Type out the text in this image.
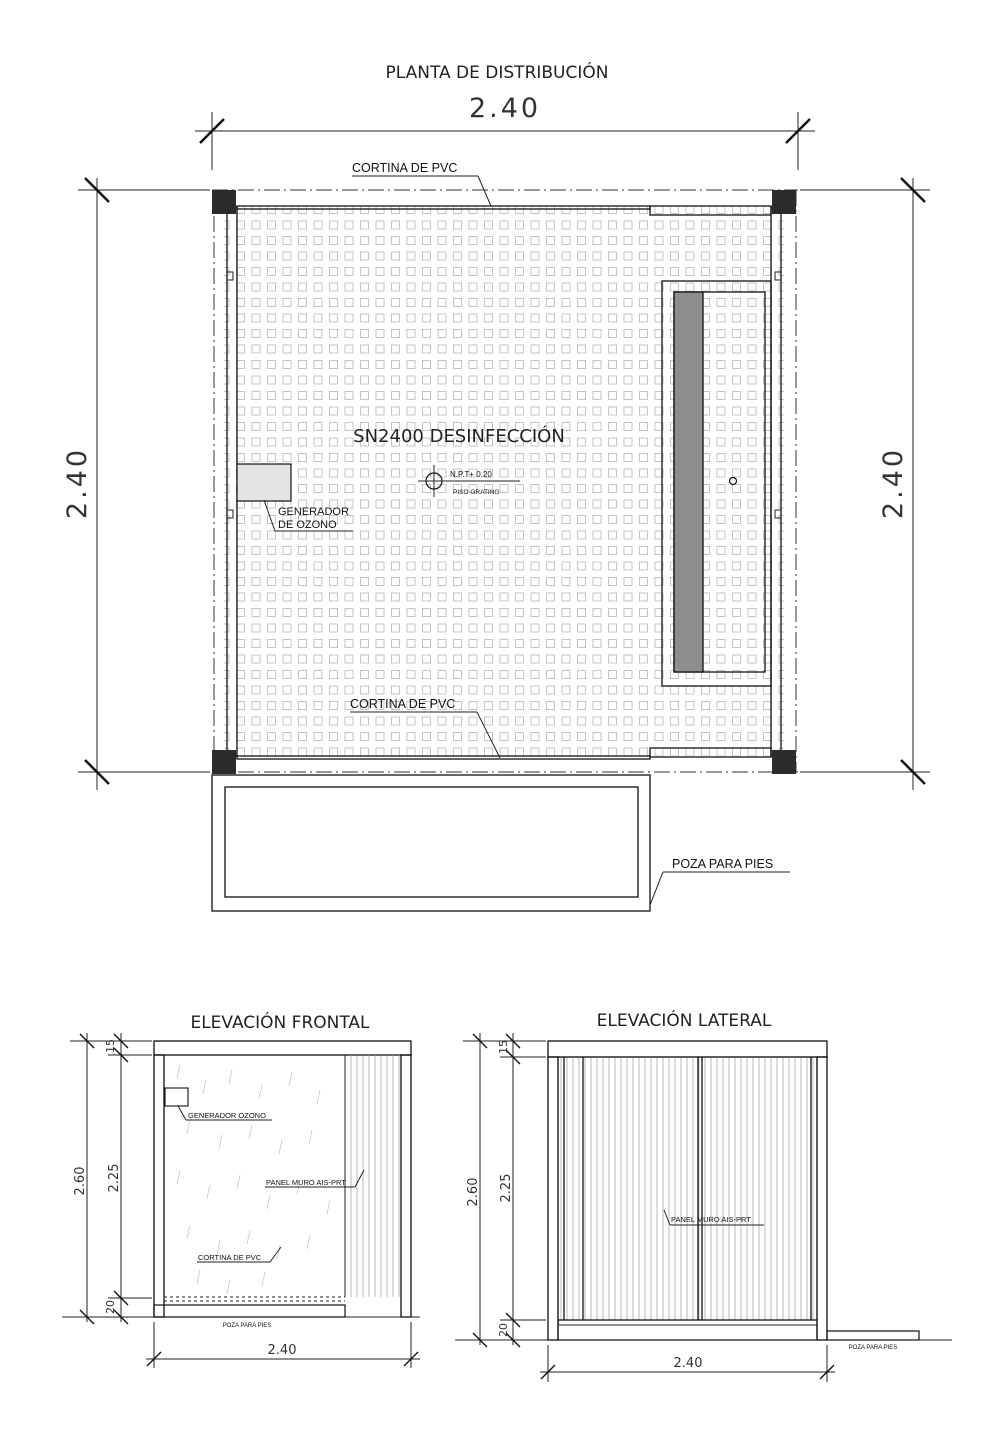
PLANTA DE DISTRIBUCIÓN
2.40
2.40	2.40
GENERADOR
DE OZONO
SN2400 DESINFECCIÓN
N.P.T+ 0.20
PISO GRATING
CORTINA DE PVC
CORTINA DE PVC
POZA PARA PIES
ELEVACIÓN FRONTAL
2.60 2.25
15
20
GENERADOR OZONO
PANEL MURO AIS-PRT
CORTINA DE PVC
POZA PARA PIES
2.40
ELEVACIÓN LATERAL
2.60 2.25
15
20
PANEL MURO AIS-PRT
POZA PARA PIES
2.40
